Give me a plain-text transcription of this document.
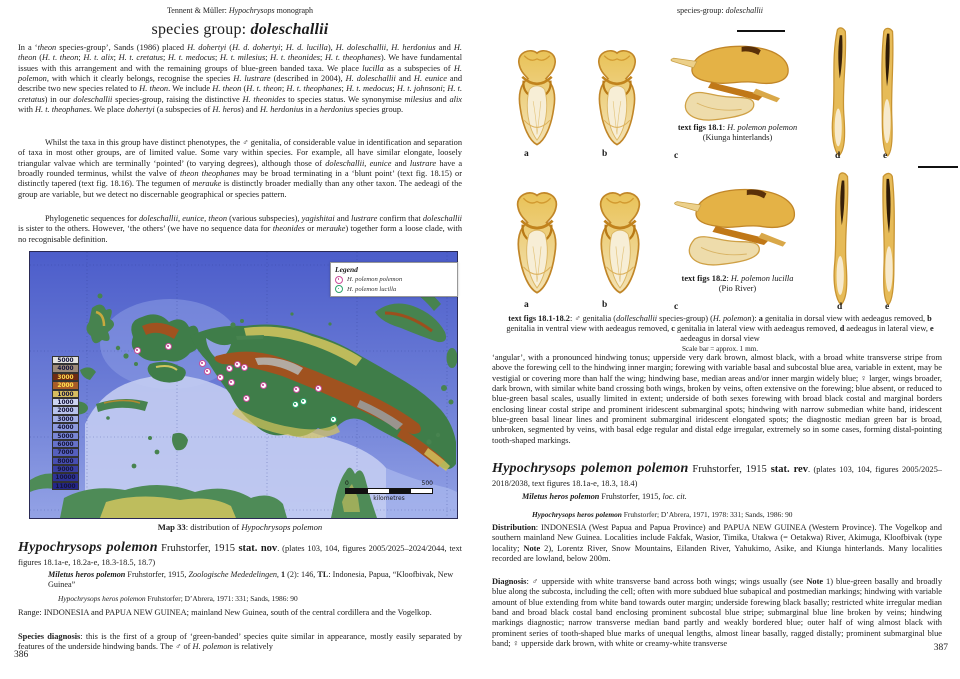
Tennent & Müller: Hypochrysops monograph
species group: doleschallii
In a ‘theon species-group’, Sands (1986) placed H. dohertyi (H. d. dohertyi; H. d. lucilla), H. doleschallii, H. herdonius and H. theon (H. t. theon; H. t. alix; H. t. cretatus; H. t. medocus; H. t. milesius; H. t. theonides; H. t. theophanes). We have fundamental issues with this arrangement and with the remaining groups of blue-green banded taxa. We place lucilla as a subspecies of H. polemon, with which it clearly belongs, recognise the species H. lustrare (described in 2004), H. doleschallii and H. eunice and describe two new species related to H. theon. We include H. theon (H. t. theon; H. t. theophanes; H. t. medocus; H. t. johnsoni; H. t. cretatus) in our doleschallii species-group, raising the distinctive H. theonides to species status. We synonymise milesius and alix with H. t. theophanes. We place dohertyi (a subspecies of H. heros) and H. herdonius in a herdonius species group.
Whilst the taxa in this group have distinct phenotypes, the ♂ genitalia, of considerable value in identification and separation of taxa in most other groups, are of limited value. Some vary within species. For example, all have similar elongate, loosely triangular valvae which are terminally ‘pointed’ (to varying degrees), although those of doleschallii, eunice and lustrare have a broadly rounded terminus, whilst the valve of theon theophanes may be broad terminating in a ‘blunt point’ (text fig. 18.15) or distinctly tapered (text fig. 18.16). The tegumen of merauke is distinctly broader medially than any other taxon. The aedeagi of the group are variable, but we detect no discernable geographical or species pattern.
Phylogenetic sequences for doleschallii, eunice, theon (various subspecies), yagishitai and lustrare confirm that doleschallii is sister to the others. However, ‘the others’ (we have no sequence data for theonides or merauke) together form a loose clade, with no recognisable definition.
Legend
H. polemon polemon
H. polemon lucilla
5000
4000
3000
2000
1000
1000
2000
3000
4000
5000
6000
7000
8000
9000
10000
11000	0	500
kilometres
Map 33: distribution of Hypochrysops polemon
Hypochrysops polemon Fruhstorfer, 1915 stat. nov. (plates 103, 104, figures 2005/2025–2024/2044, text figures 18.1a-e, 18.2a-e, 18.3-18.5, 18.7)
Miletus heros polemon Fruhstorfer, 1915, Zoologische Mededelingen, 1 (2): 146, TL: Indonesia, Papua, “Kloofbivak, New Guinea”
Hypochrysops heros polemon Fruhstorfer; D’Abrera, 1971: 331; Sands, 1986: 90
Range: INDONESIA and PAPUA NEW GUINEA; mainland New Guinea, south of the central cordillera and the Vogelkop.
Species diagnosis: this is the first of a group of ‘green-banded’ species quite similar in appearance, mostly easily separated by features of the underside hindwing bands. The ♂ of H. polemon is relatively
386
species-group: doleschallii
text figs 18.1: H. polemon polemon
(Kiunga hinterlands)
a	b	c	d	e
text figs 18.2: H. polemon lucilla
(Pio River)
a	b	c	d	e
text figs 18.1-18.2: ♂ genitalia (dolleschallii species-group) (H. polemon): a genitalia in dorsal view with aedeagus removed, b genitalia in ventral view with aedeagus removed, c genitalia in lateral view with aedeagus removed, d aedeagus in lateral view, e aedeagus in dorsal view
Scale bar = approx. 1 mm.
‘angular’, with a pronounced hindwing tonus; upperside very dark brown, almost black, with a broad white transverse stripe from above the forewing cell to the hindwing inner margin; forewing with variable basal and subcostal blue area, variable in extent, may be vestigial or covering more than half the wing; hindwing base, median areas and/or inner margin widely blue; ♀ larger, wings broader, dark brown, with similar white band crossing both wings, broken by veins, often extensive on the forewing; blue absent, or reduced to blue-green basal scales, usually limited in extent; underside of both sexes forewing with broad black costal and marginal borders enclosing linear costal stripe and prominent iridescent submarginal spots; hindwing with narrow submedian white band, iridescent blue-green basal linear lines and prominent submarginal iridescent elongated spots; the diagnostic median green bar is broad, unbroken, segmented by veins, with basal edge regular and distal edge irregular, extremely so in some cases, forming distal-pointing tooth-shaped markings.
Hypochrysops polemon polemon Fruhstorfer, 1915 stat. rev. (plates 103, 104, figures 2005/2025–2018/2038, text figures 18.1a-e, 18.3, 18.4)
Miletus heros polemon Fruhstorfer, 1915, loc. cit.
Hypochrysops heros polemon Fruhstorfer; D’Abrera, 1971, 1978: 331; Sands, 1986: 90
Distribution: INDONESIA (West Papua and Papua Province) and PAPUA NEW GUINEA (Western Province). The Vogelkop and southern mainland New Guinea. Localities include Fakfak, Wasior, Timika, Utakwa (= Oetakwa) River, Akimuga, Kloofbivak (type locality; Note 2), Lorentz River, Snow Mountains, Eilanden River, Yahukimo, Asike, and Kiunga hinterlands. Many localities recorded are lowland, below 200m.
Diagnosis: ♂ upperside with white transverse band across both wings; wings usually (see Note 1) blue-green basally and broadly blue along the subcosta, including the cell; often with more subdued blue subapical and postmedian markings; hindwing with variable amount of blue extending from white band towards outer margin; underside forewing black basally; restricted white irregular median band and broad black costal band enclosing prominent subcostal blue stripe; submarginal blue line broken by veins; hindwing markings diagnostic; narrow transverse median band partly and weakly bordered blue; outer half of wing almost black with prominent series of tooth-shaped blue marks of unequal lengths, almost linear basally, ragged distally; prominent submarginal blue band; ♀ upperside dark brown, with white or creamy-white transverse	387
